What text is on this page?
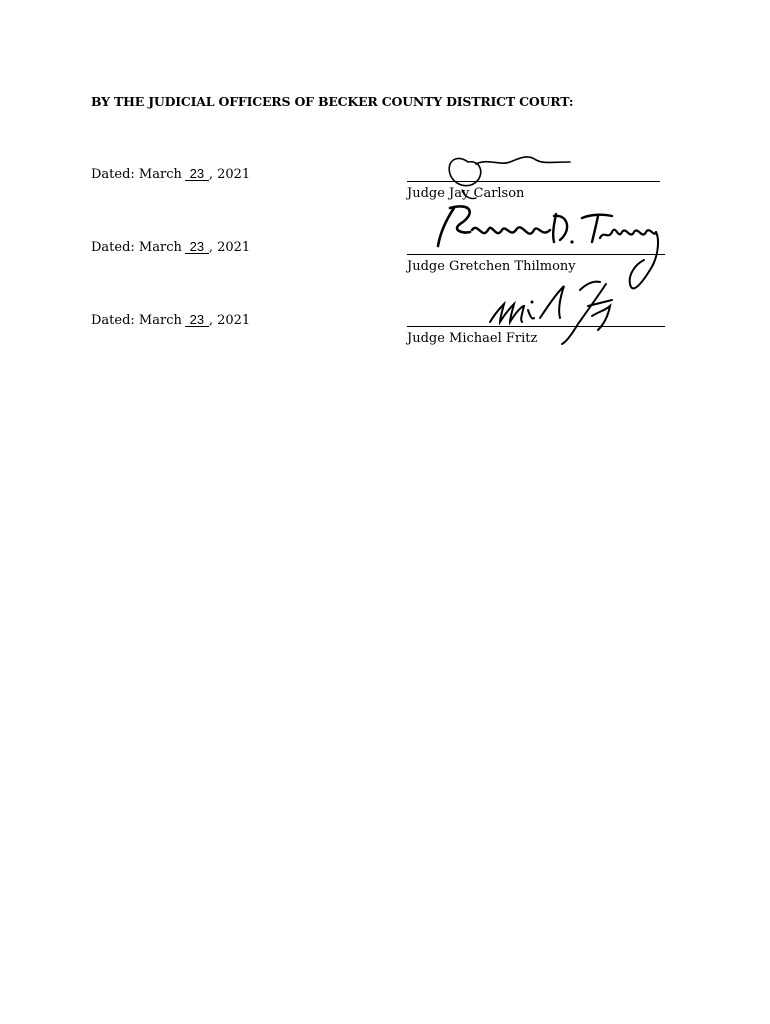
BY THE JUDICIAL OFFICERS OF BECKER COUNTY DISTRICT COURT:
Dated: March 23 , 2021
Judge Jay Carlson
Dated: March 23 , 2021
Judge Gretchen Thilmony
Dated: March 23 , 2021
Judge Michael Fritz
